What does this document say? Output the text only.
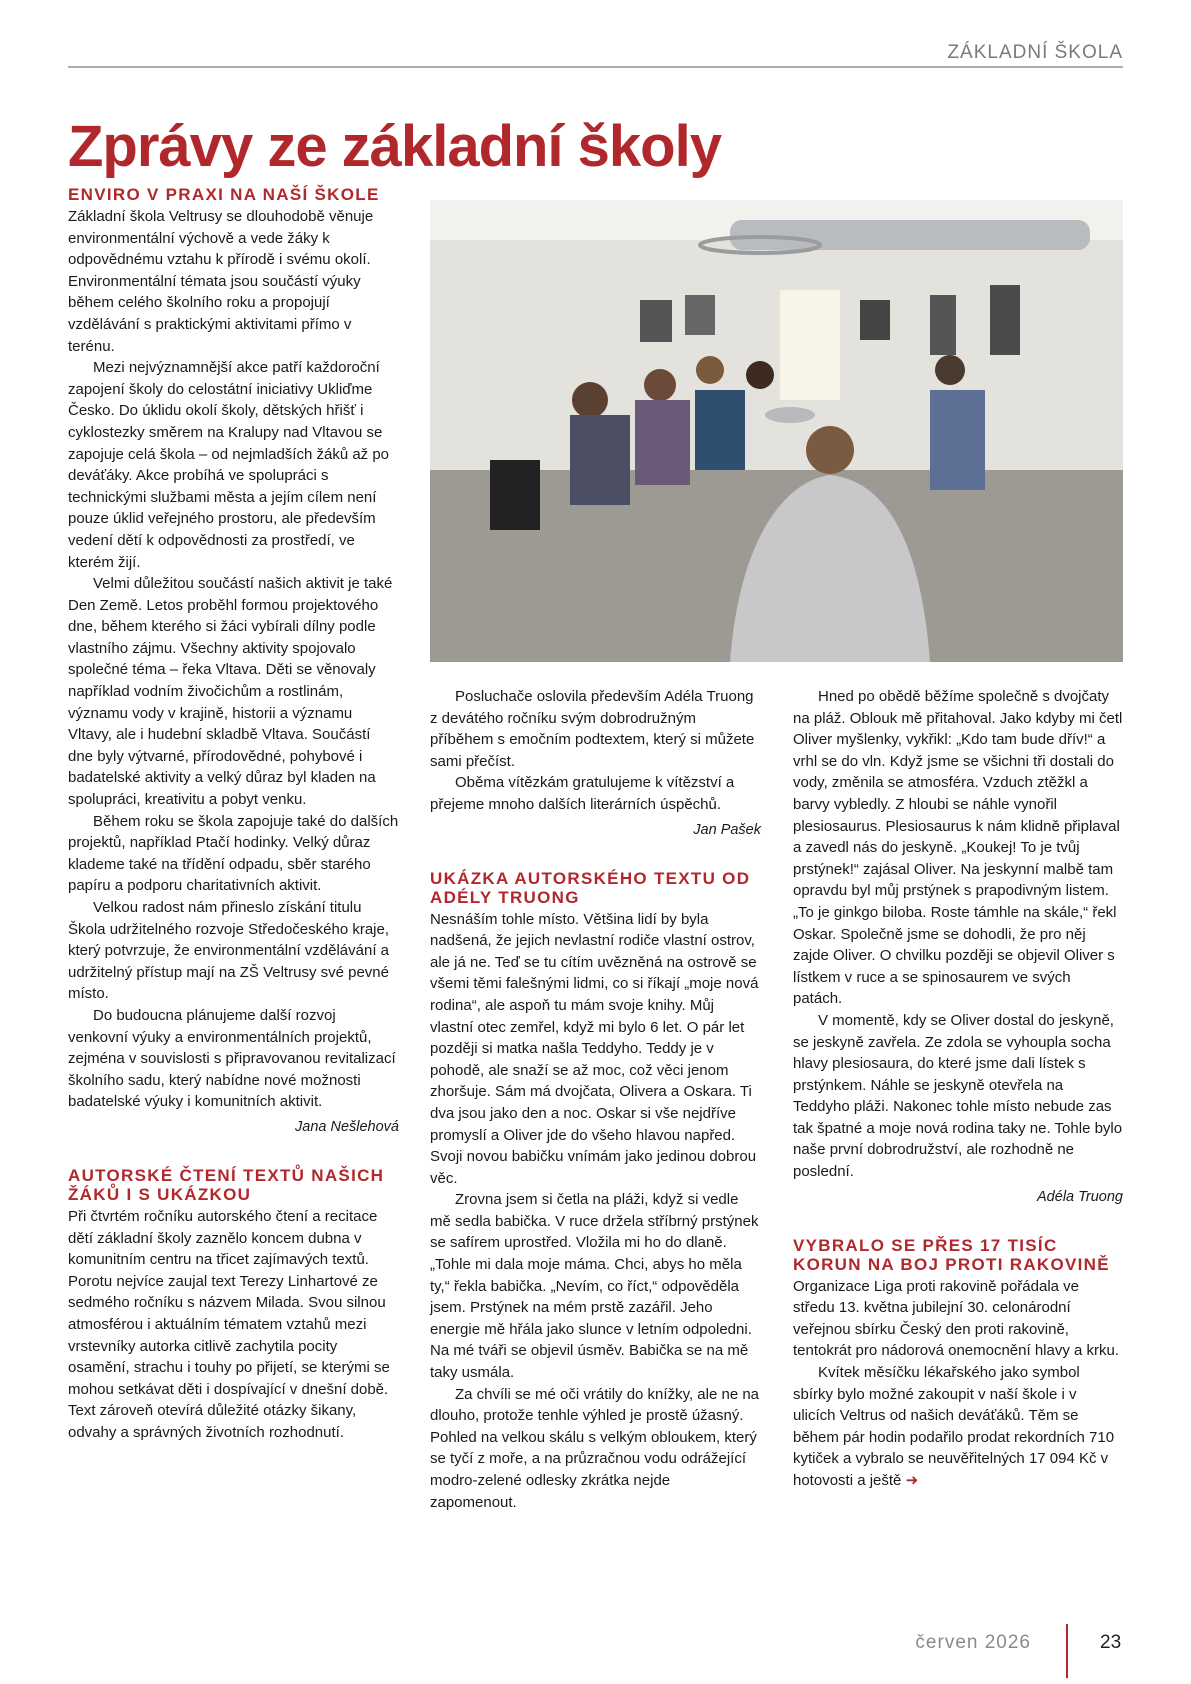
ZÁKLADNÍ ŠKOLA
Zprávy ze základní školy
ENVIRO V PRAXI NA NAŠÍ ŠKOLE

Základní škola Veltrusy se dlouhodobě věnuje environmentální výchově a vede žáky k odpovědnému vztahu k přírodě i svému okolí. Environmentální témata jsou součástí výuky během celého školního roku a propojují vzdělávání s praktickými aktivitami přímo v terénu.

Mezi nejvýznamnější akce patří každoroční zapojení školy do celostátní iniciativy Ukliďme Česko. Do úklidu okolí školy, dětských hřišť i cyklostezky směrem na Kralupy nad Vltavou se zapojuje celá škola – od nejmladších žáků až po deváťáky. Akce probíhá ve spolupráci s technickými službami města a jejím cílem není pouze úklid veřejného prostoru, ale především vedení dětí k odpovědnosti za prostředí, ve kterém žijí.

Velmi důležitou součástí našich aktivit je také Den Země. Letos proběhl formou projektového dne, během kterého si žáci vybírali dílny podle vlastního zájmu. Všechny aktivity spojovalo společné téma – řeka Vltava. Děti se věnovaly například vodním živočichům a rostlinám, významu vody v krajině, historii a významu Vltavy, ale i hudební skladbě Vltava. Součástí dne byly výtvarné, přírodovědné, pohybové i badatelské aktivity a velký důraz byl kladen na spolupráci, kreativitu a pobyt venku.

Během roku se škola zapojuje také do dalších projektů, například Ptačí hodinky. Velký důraz klademe také na třídění odpadu, sběr starého papíru a podporu charitativních aktivit.

Velkou radost nám přineslo získání titulu Škola udržitelného rozvoje Středočeského kraje, který potvrzuje, že environmentální vzdělávání a udržitelný přístup mají na ZŠ Veltrusy své pevné místo.

Do budoucna plánujeme další rozvoj venkovní výuky a environmentálních projektů, zejména v souvislosti s připravovanou revitalizací školního sadu, který nabídne nové možnosti badatelské výuky i komunitních aktivit.

Jana Nešlehová

AUTORSKÉ ČTENÍ TEXTŮ NAŠICH ŽÁKŮ I S UKÁZKOU

Při čtvrtém ročníku autorského čtení a recitace dětí základní školy zaznělo koncem dubna v komunitním centru na třicet zajímavých textů. Porotu nejvíce zaujal text Terezy Linhartové ze sedmého ročníku s názvem Milada. Svou silnou atmosférou i aktuálním tématem vztahů mezi vrstevníky autorka citlivě zachytila pocity osamění, strachu i touhy po přijetí, se kterými se mohou setkávat děti i dospívající v dnešní době. Text zároveň otevírá důležité otázky šikany, odvahy a správných životních rozhodnutí.

Posluchače oslovila především Adéla Truong z devátého ročníku svým dobrodružným příběhem s emočním podtextem, který si můžete sami přečíst.

Oběma vítězkám gratulujeme k vítězství a přejeme mnoho dalších literárních úspěchů.

Jan Pašek

UKÁZKA AUTORSKÉHO TEXTU OD ADÉLY TRUONG

Nesnáším tohle místo. Většina lidí by byla nadšená, že jejich nevlastní rodiče vlastní ostrov, ale já ne. Teď se tu cítím uvězněná na ostrově se všemi těmi falešnými lidmi, co si říkají „moje nová rodina“, ale aspoň tu mám svoje knihy. Můj vlastní otec zemřel, když mi bylo 6 let. O pár let později si matka našla Teddyho. Teddy je v pohodě, ale snaží se až moc, což věci jenom zhoršuje. Sám má dvojčata, Olivera a Oskara. Ti dva jsou jako den a noc. Oskar si vše nejdříve promyslí a Oliver jde do všeho hlavou napřed. Svoji novou babičku vnímám jako jedinou dobrou věc.

Zrovna jsem si četla na pláži, když si vedle mě sedla babička. V ruce držela stříbrný prstýnek se safírem uprostřed. Vložila mi ho do dlaně. „Tohle mi dala moje máma. Chci, abys ho měla ty,“ řekla babička. „Nevím, co říct,“ odpověděla jsem. Prstýnek na mém prstě zazářil. Jeho energie mě hřála jako slunce v letním odpoledni. Na mé tváři se objevil úsměv. Babička se na mě taky usmála.

Za chvíli se mé oči vrátily do knížky, ale ne na dlouho, protože tenhle výhled je prostě úžasný. Pohled na velkou skálu s velkým obloukem, který se tyčí z moře, a na průzračnou vodu odrážející modro-zelené odlesky zkrátka nejde zapomenout.

Hned po obědě běžíme společně s dvojčaty na pláž. Oblouk mě přitahoval. Jako kdyby mi četl Oliver myšlenky, vykřikl: „Kdo tam bude dřív!“ a vrhl se do vln. Když jsme se všichni tři dostali do vody, změnila se atmosféra. Vzduch ztěžkl a barvy vybledly. Z hloubi se náhle vynořil plesiosaurus. Plesiosaurus k nám klidně připlaval a zavedl nás do jeskyně. „Koukej! To je tvůj prstýnek!“ zajásal Oliver. Na jeskynní malbě tam opravdu byl můj prstýnek s prapodivným listem. „To je ginkgo biloba. Roste támhle na skále,“ řekl Oskar. Společně jsme se dohodli, že pro něj zajde Oliver. O chvilku později se objevil Oliver s lístkem v ruce a se spinosaurem ve svých patách.

V momentě, kdy se Oliver dostal do jeskyně, se jeskyně zavřela. Ze zdola se vyhoupla socha hlavy plesiosaura, do které jsme dali lístek s prstýnkem. Náhle se jeskyně otevřela na Teddyho pláži. Nakonec tohle místo nebude zas tak špatné a moje nová rodina taky ne. Tohle bylo naše první dobrodružství, ale rozhodně ne poslední.

Adéla Truong

VYBRALO SE PŘES 17 TISÍC KORUN NA BOJ PROTI RAKOVINĚ

Organizace Liga proti rakovině pořádala ve středu 13. května jubilejní 30. celonárodní veřejnou sbírku Český den proti rakovině, tentokrát pro nádorová onemocnění hlavy a krku.

Kvítek měsíčku lékařského jako symbol sbírky bylo možné zakoupit v naší škole i v ulicích Veltrus od našich deváťáků. Těm se během pár hodin podařilo prodat rekordních 710 kytiček a vybralo se neuvěřitelných 17 094 Kč v hotovosti a ještě ➜

červen 2026	23
